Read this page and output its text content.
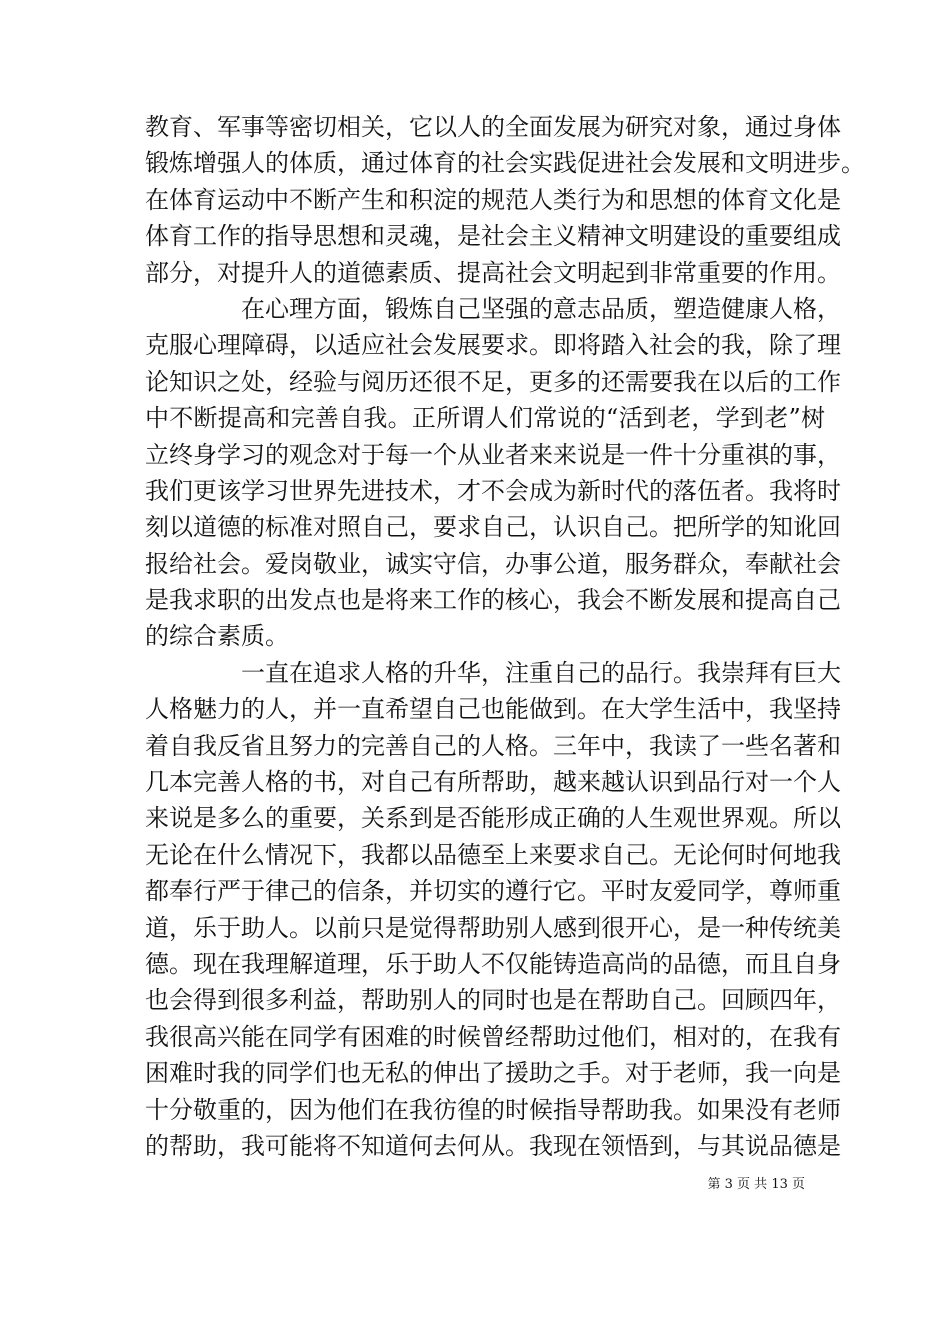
教育、军事等密切相关，它以人的全面发展为研究对象，通过身体
锻炼增强人的体质，通过体育的社会实践促进社会发展和文明进步。
在体育运动中不断产生和积淀的规范人类行为和思想的体育文化是
体育工作的指导思想和灵魂，是社会主义精神文明建设的重要组成
部分，对提升人的道德素质、提高社会文明起到非常重要的作用。
在心理方面，锻炼自己坚强的意志品质，塑造健康人格，
克服心理障碍，以适应社会发展要求。即将踏入社会的我，除了理
论知识之处，经验与阅历还很不足，更多的还需要我在以后的工作
中不断提高和完善自我。正所谓人们常说的“活到老，学到老”树
立终身学习的观念对于每一个从业者来来说是一件十分重祺的事，
我们更该学习世界先进技术，才不会成为新时代的落伍者。我将时
刻以道德的标准对照自己，要求自己，认识自己。把所学的知讹回
报给社会。爱岗敬业，诚实守信，办事公道，服务群众，奉献社会
是我求职的出发点也是将来工作的核心，我会不断发展和提高自己
的综合素质。
一直在追求人格的升华，注重自己的品行。我崇拜有巨大
人格魅力的人，并一直希望自己也能做到。在大学生活中，我坚持
着自我反省且努力的完善自己的人格。三年中，我读了一些名著和
几本完善人格的书，对自己有所帮助，越来越认识到品行对一个人
来说是多么的重要，关系到是否能形成正确的人生观世界观。所以
无论在什么情况下，我都以品德至上来要求自己。无论何时何地我
都奉行严于律己的信条，并切实的遵行它。平时友爱同学，尊师重
道，乐于助人。以前只是觉得帮助别人感到很开心，是一种传统美
德。现在我理解道理，乐于助人不仅能铸造高尚的品德，而且自身
也会得到很多利益，帮助别人的同时也是在帮助自己。回顾四年，
我很高兴能在同学有困难的时候曾经帮助过他们，相对的，在我有
困难时我的同学们也无私的伸出了援助之手。对于老师，我一向是
十分敬重的，因为他们在我彷徨的时候指导帮助我。如果没有老师
的帮助，我可能将不知道何去何从。我现在领悟到，与其说品德是
第 3 页 共 13 页
